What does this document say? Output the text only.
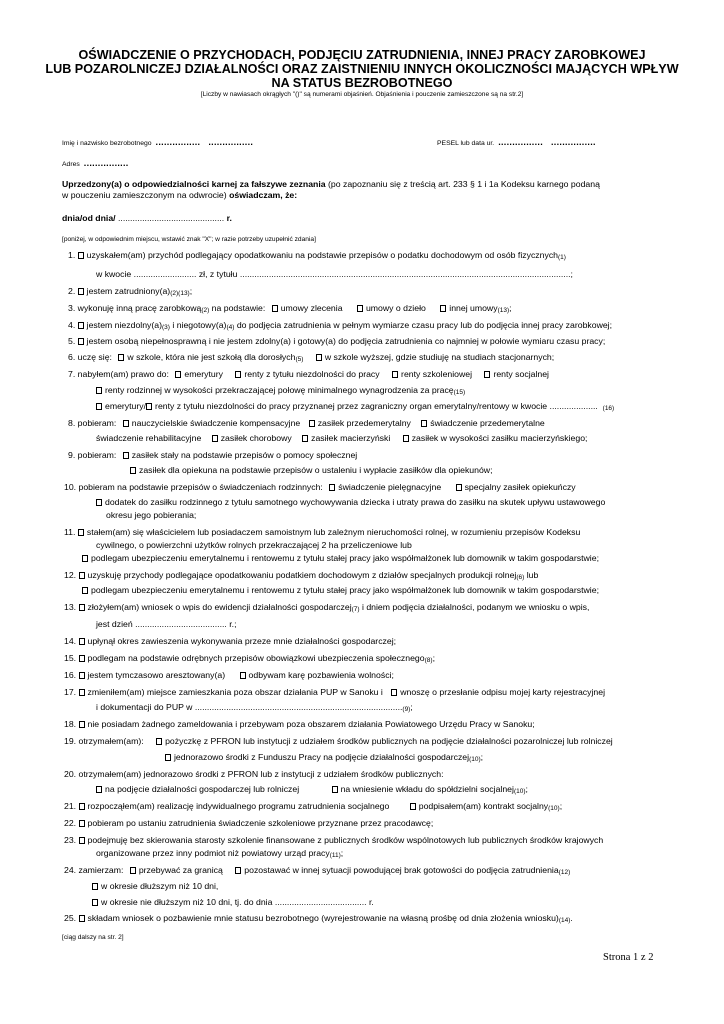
OŚWIADCZENIE O PRZYCHODACH, PODJĘCIU ZATRUDNIENIA, INNEJ PRACY ZAROBKOWEJ
LUB POZAROLNICZEJ DZIAŁALNOŚCI ORAZ ZAISTNIENIU INNYCH OKOLICZNOŚCI MAJĄCYCH WPŁYW
NA STATUS BEZROBOTNEGO
[Liczby w nawiasach okrągłych "()" są numerami objaśnień. Objaśnienia i pouczenie zamieszczone są na str.2]
Imię i nazwisko bezrobotnego ................ ................	PESEL lub data ur. ................ ................
Adres ................
Uprzedzony(a) o odpowiedzialności karnej za fałszywe zeznania (po zapoznaniu się z treścią art. 233 § 1 i 1a Kodeksu karnego podaną
w pouczeniu zamieszczonym na odwrocie) oświadczam, że:
dnia/od dnia/ ............................................ r.
[poniżej, w odpowiednim miejscu, wstawić znak "X"; w razie potrzeby uzupełnić zdania]
1. uzyskałem(am) przychód podlegający opodatkowaniu na podstawie przepisów o podatku dochodowym od osób fizycznych(1)
w kwocie .......................... zł, z tytułu .........................................................................................................................................;
2. jestem zatrudniony(a)(2)(13);
3. wykonuję inną pracę zarobkową(2) na podstawie: umowy zlecenia	umowy o dzieło	innej umowy(13);
4. jestem niezdolny(a)(3) i niegotowy(a)(4) do podjęcia zatrudnienia w pełnym wymiarze czasu pracy lub do podjęcia innej pracy zarobkowej;
5. jestem osobą niepełnosprawną i nie jestem zdolny(a) i gotowy(a) do podjęcia zatrudnienia co najmniej w połowie wymiaru czasu pracy;
6. uczę się: w szkole, która nie jest szkołą dla dorosłych(5) w szkole wyższej, gdzie studiuję na studiach stacjonarnych;
7. nabyłem(am) prawo do: emerytury renty z tytułu niezdolności do pracy renty szkoleniowej renty socjalnej
renty rodzinnej w wysokości przekraczającej połowę minimalnego wynagrodzenia za pracę(15)
emerytury/ renty z tytułu niezdolności do pracy przyznanej przez zagraniczny organ emerytalny/rentowy w kwocie .................... (16)
8. pobieram: nauczycielskie świadczenie kompensacyjne zasiłek przedemerytalny świadczenie przedemerytalne
świadczenie rehabilitacyjne zasiłek chorobowy zasiłek macierzyński zasiłek w wysokości zasiłku macierzyńskiego;
9. pobieram: zasiłek stały na podstawie przepisów o pomocy społecznej
zasiłek dla opiekuna na podstawie przepisów o ustaleniu i wypłacie zasiłków dla opiekunów;
10. pobieram na podstawie przepisów o świadczeniach rodzinnych: świadczenie pielęgnacyjne	specjalny zasiłek opiekuńczy
dodatek do zasiłku rodzinnego z tytułu samotnego wychowywania dziecka i utraty prawa do zasiłku na skutek upływu ustawowego
okresu jego pobierania;
11. stałem(am) się właścicielem lub posiadaczem samoistnym lub zależnym nieruchomości rolnej, w rozumieniu przepisów Kodeksu
cywilnego, o powierzchni użytków rolnych przekraczającej 2 ha przeliczeniowe lub
podlegam ubezpieczeniu emerytalnemu i rentowemu z tytułu stałej pracy jako współmałżonek lub domownik w takim gospodarstwie;
12. uzyskuję przychody podlegające opodatkowaniu podatkiem dochodowym z działów specjalnych produkcji rolnej(6) lub
podlegam ubezpieczeniu emerytalnemu i rentowemu z tytułu stałej pracy jako współmałżonek lub domownik w takim gospodarstwie;
13. złożyłem(am) wniosek o wpis do ewidencji działalności gospodarczej(7) i dniem podjęcia działalności, podanym we wniosku o wpis,
jest dzień ...................................... r.;
14. upłynął okres zawieszenia wykonywania przeze mnie działalności gospodarczej;
15. podlegam na podstawie odrębnych przepisów obowiązkowi ubezpieczenia społecznego(8);
16. jestem tymczasowo aresztowany(a)	odbywam karę pozbawienia wolności;
17. zmieniłem(am) miejsce zamieszkania poza obszar działania PUP w Sanoku i wnoszę o przesłanie odpisu mojej karty rejestracyjnej
i dokumentacji do PUP w ......................................................................................(9);
18. nie posiadam żadnego zameldowania i przebywam poza obszarem działania Powiatowego Urzędu Pracy w Sanoku;
19. otrzymałem(am): pożyczkę z PFRON lub instytucji z udziałem środków publicznych na podjęcie działalności pozarolniczej lub rolniczej
jednorazowo środki z Funduszu Pracy na podjęcie działalności gospodarczej(10);
20. otrzymałem(am) jednorazowo środki z PFRON lub z instytucji z udziałem środków publicznych:
na podjęcie działalności gospodarczej lub rolniczej	na wniesienie wkładu do spółdzielni socjalnej(10);
21. rozpocząłem(am) realizację indywidualnego programu zatrudnienia socjalnego	podpisałem(am) kontrakt socjalny(10);
22. pobieram po ustaniu zatrudnienia świadczenie szkoleniowe przyznane przez pracodawcę;
23. podejmuję bez skierowania starosty szkolenie finansowane z publicznych środków wspólnotowych lub publicznych środków krajowych
organizowane przez inny podmiot niż powiatowy urząd pracy(11);
24. zamierzam: przebywać za granicą pozostawać w innej sytuacji powodującej brak gotowości do podjęcia zatrudnienia(12)
w okresie dłuższym niż 10 dni,
w okresie nie dłuższym niż 10 dni, tj. do dnia ...................................... r.
25. składam wniosek o pozbawienie mnie statusu bezrobotnego (wyrejestrowanie na własną prośbę od dnia złożenia wniosku)(14).
[ciąg dalszy na str. 2]
Strona 1 z 2
